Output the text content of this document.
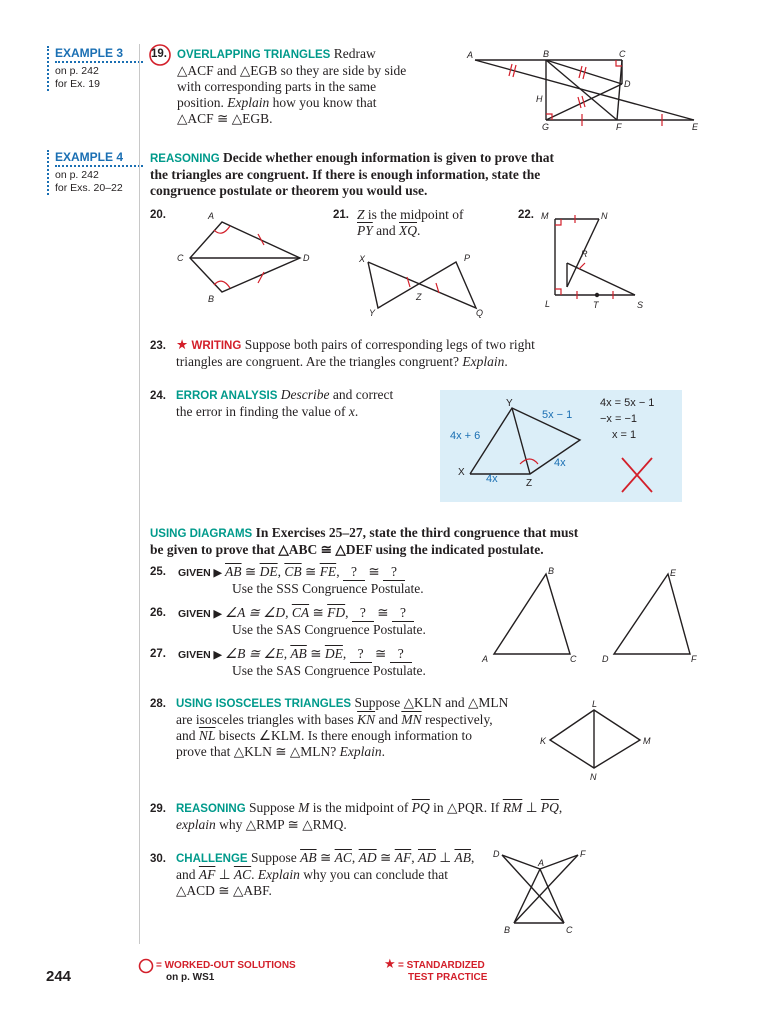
EXAMPLE 3
on p. 242
for Ex. 19
EXAMPLE 4
on p. 242
for Exs. 20–22
19. OVERLAPPING TRIANGLES Redraw
△ACF and △EGB so they are side by side
with corresponding parts in the same
position. Explain how you know that
△ACF ≅ △EGB.
A	B	C
D
H
G	F	E
REASONING Decide whether enough information is given to prove that
the triangles are congruent. If there is enough information, state the
congruence postulate or theorem you would use.
20.	A
C	D
B
21. Z is the midpoint of
$\overline{PY}$ and $\overline{XQ}$.
X
Y
Z
P
Q
22. M	N
R
L	T	S
23. ★ WRITING Suppose both pairs of corresponding legs of two right
triangles are congruent. Are the triangles congruent? Explain.
24. ERROR ANALYSIS Describe and correct
the error in finding the value of x.
Y
X
Z
4x + 6
5x − 1
4x
4x
4x = 5x − 1
−x = −1
x = 1
USING DIAGRAMS In Exercises 25–27, state the third congruence that must
be given to prove that △ABC ≅ △DEF using the indicated postulate.
25. GIVEN ▶ $\overline{AB}$ ≅ $\overline{DE}$, $\overline{CB}$ ≅ $\overline{FE}$, ? ≅ ?
Use the SSS Congruence Postulate.
26. GIVEN ▶ ∠A ≅ ∠D, $\overline{CA}$ ≅ $\overline{FD}$, ? ≅ ?
Use the SAS Congruence Postulate.
27. GIVEN ▶ ∠B ≅ ∠E, $\overline{AB}$ ≅ $\overline{DE}$, ? ≅ ?
Use the SAS Congruence Postulate.
A
B
C	D
E
F
28. USING ISOSCELES TRIANGLES Suppose △KLN and △MLN
are isosceles triangles with bases $\overline{KN}$ and $\overline{MN}$ respectively,
and $\overline{NL}$ bisects ∠KLM. Is there enough information to
prove that △KLN ≅ △MLN? Explain.
L
K	M
N
29. REASONING Suppose M is the midpoint of $\overline{PQ}$ in △PQR. If $\overline{RM}$ ⊥ $\overline{PQ}$,
explain why △RMP ≅ △RMQ.
30. CHALLENGE Suppose $\overline{AB}$ ≅ $\overline{AC}$, $\overline{AD}$ ≅ $\overline{AF}$, $\overline{AD}$ ⊥ $\overline{AB}$,
and $\overline{AF}$ ⊥ $\overline{AC}$. Explain why you can conclude that
△ACD ≅ △ABF.
D
A
F
B	C
244
= WORKED-OUT SOLUTIONS
on p. WS1
★ = STANDARDIZED
TEST PRACTICE
